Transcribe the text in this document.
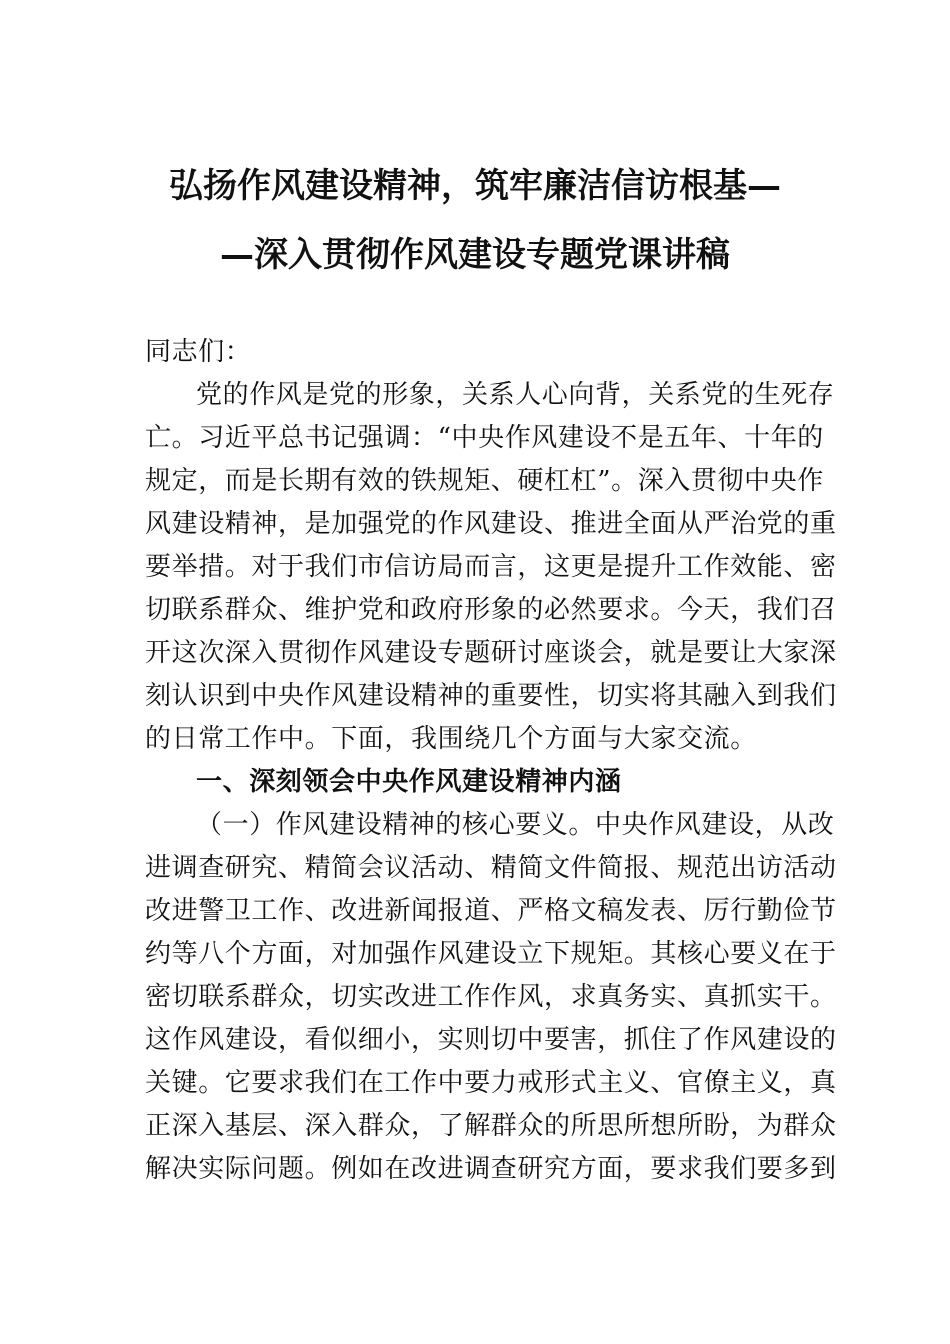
弘扬作风建设精神，筑牢廉洁信访根基—
—深入贯彻作风建设专题党课讲稿
同志们：
党的作风是党的形象，关系人心向背，关系党的生死存
亡。习近平总书记强调：“中央作风建设不是五年、十年的
规定，而是长期有效的铁规矩、硬杠杠”。深入贯彻中央作
风建设精神，是加强党的作风建设、推进全面从严治党的重
要举措。对于我们市信访局而言，这更是提升工作效能、密
切联系群众、维护党和政府形象的必然要求。今天，我们召
开这次深入贯彻作风建设专题研讨座谈会，就是要让大家深
刻认识到中央作风建设精神的重要性，切实将其融入到我们
的日常工作中。下面，我围绕几个方面与大家交流。
一、深刻领会中央作风建设精神内涵
（一）作风建设精神的核心要义。中央作风建设，从改
进调查研究、精简会议活动、精简文件简报、规范出访活动
改进警卫工作、改进新闻报道、严格文稿发表、厉行勤俭节
约等八个方面，对加强作风建设立下规矩。其核心要义在于
密切联系群众，切实改进工作作风，求真务实、真抓实干。
这作风建设，看似细小，实则切中要害，抓住了作风建设的
关键。它要求我们在工作中要力戒形式主义、官僚主义，真
正深入基层、深入群众，了解群众的所思所想所盼，为群众
解决实际问题。例如在改进调查研究方面，要求我们要多到
